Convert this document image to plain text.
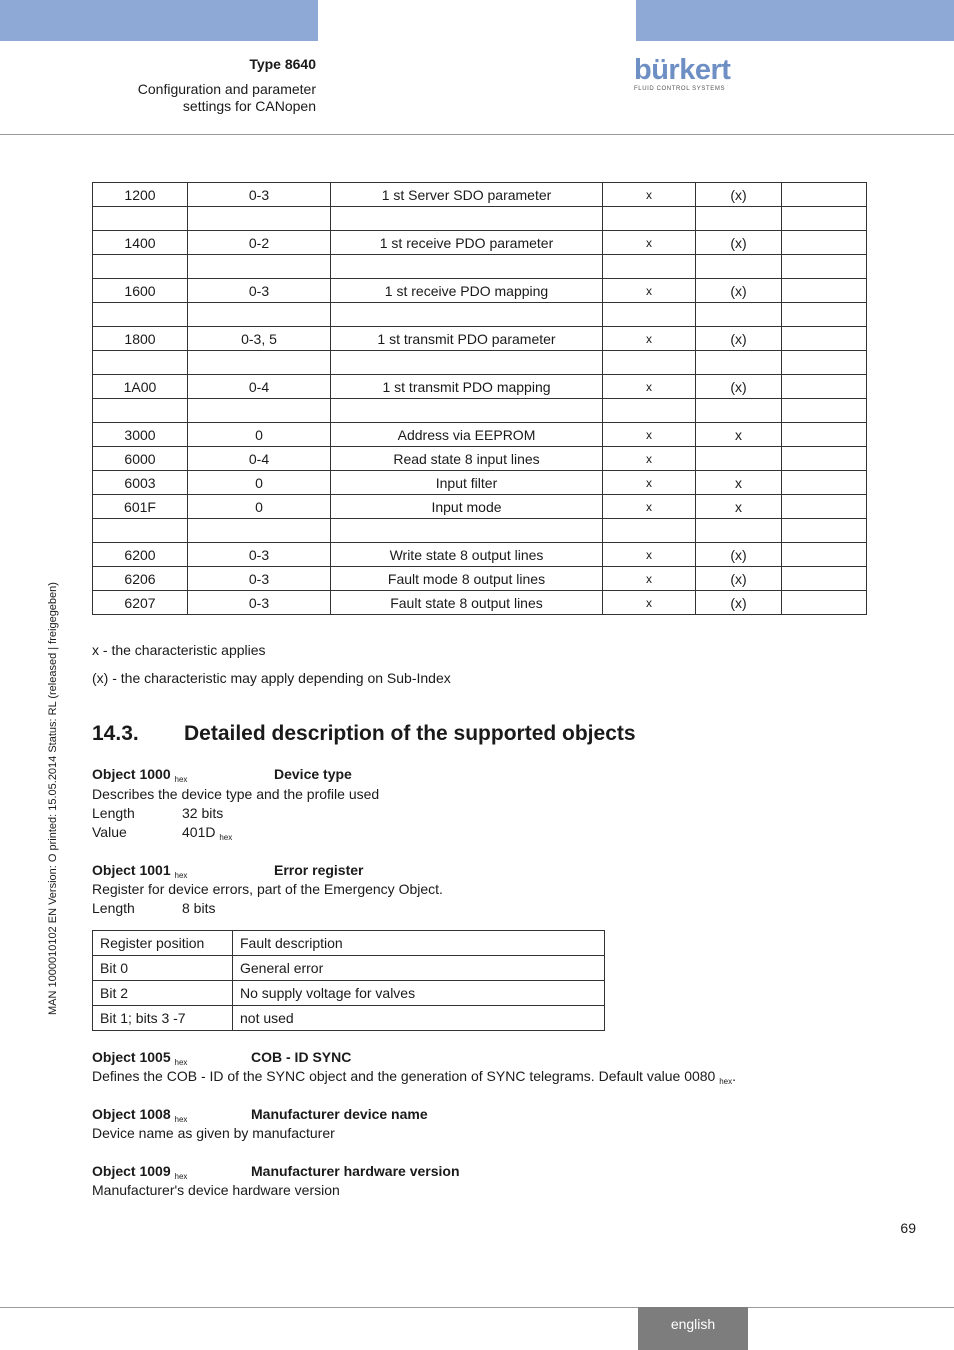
Type 8640
Configuration and parameter
settings for CANopen
bürkert
FLUID CONTROL SYSTEMS
MAN 1000010102 EN Version: O printed: 15.05.2014 Status: RL (released | freigegeben)
1200	0-3	1 st Server SDO parameter	x	(x)	

1400	0-2	1 st receive PDO parameter	x	(x)	

1600	0-3	1 st receive PDO mapping	x	(x)	

1800	0-3, 5	1 st transmit PDO parameter	x	(x)	

1A00	0-4	1 st transmit PDO mapping	x	(x)	

3000	0	Address via EEPROM	x	x	
6000	0-4	Read state 8 input lines	x		
6003	0	Input filter	x	x	
601F	0	Input mode	x	x	

6200	0-3	Write state 8 output lines	x	(x)	
6206	0-3	Fault mode 8 output lines	x	(x)	
6207	0-3	Fault state 8 output lines	x	(x)	
x - the characteristic applies
(x) - the characteristic may apply depending on Sub-Index
14.3. Detailed description of the supported objects
Object 1000 $_{hex}$	Device type
Describes the device type and the profile used
Length	32 bits
Value	401D $_{hex}$
Object 1001 $_{hex}$	Error register
Register for device errors, part of the Emergency Object.
Length	8 bits
Register position	Fault description
Bit 0	General error
Bit 2	No supply voltage for valves
Bit 1; bits 3 -7	not used
Object 1005 $_{hex}$	COB - ID SYNC
Defines the COB - ID of the SYNC object and the generation of SYNC telegrams. Default value 0080 $_{hex}$.
Object 1008 $_{hex}$	Manufacturer device name
Device name as given by manufacturer
Object 1009 $_{hex}$	Manufacturer hardware version
Manufacturer's device hardware version
69
english
